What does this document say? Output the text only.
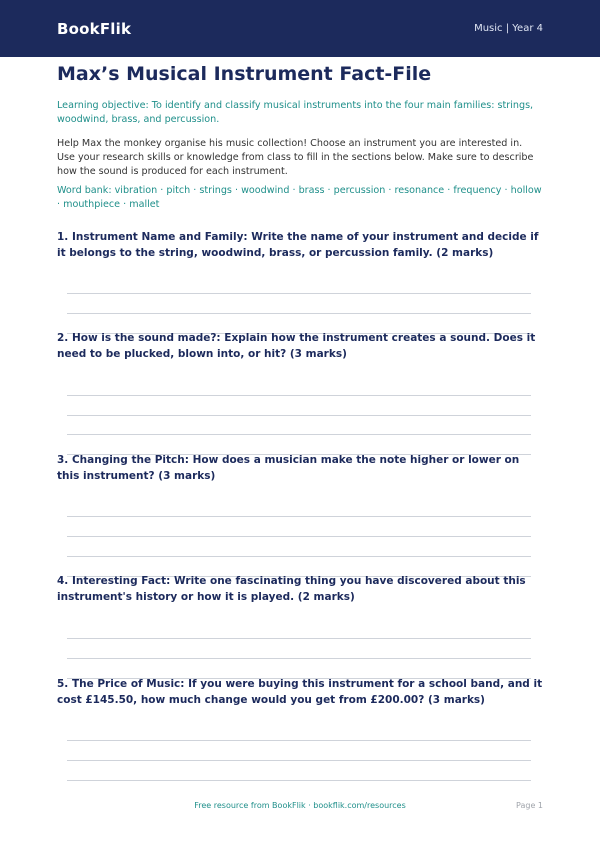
BookFlik	Music | Year 4
Max’s Musical Instrument Fact-File

Learning objective: To identify and classify musical instruments into the four main families: strings, woodwind, brass, and percussion.

Help Max the monkey organise his music collection! Choose an instrument you are interested in. Use your research skills or knowledge from class to fill in the sections below. Make sure to describe how the sound is produced for each instrument.

Word bank: vibration · pitch · strings · woodwind · brass · percussion · resonance · frequency · hollow · mouthpiece · mallet

1. Instrument Name and Family: Write the name of your instrument and decide if it belongs to the string, woodwind, brass, or percussion family. (2 marks)

2. How is the sound made?: Explain how the instrument creates a sound. Does it need to be plucked, blown into, or hit? (3 marks)

3. Changing the Pitch: How does a musician make the note higher or lower on this instrument? (3 marks)

4. Interesting Fact: Write one fascinating thing you have discovered about this instrument's history or how it is played. (2 marks)

5. The Price of Music: If you were buying this instrument for a school band, and it cost £145.50, how much change would you get from £200.00? (3 marks)

Free resource from BookFlik · bookflik.com/resources	Page 1
